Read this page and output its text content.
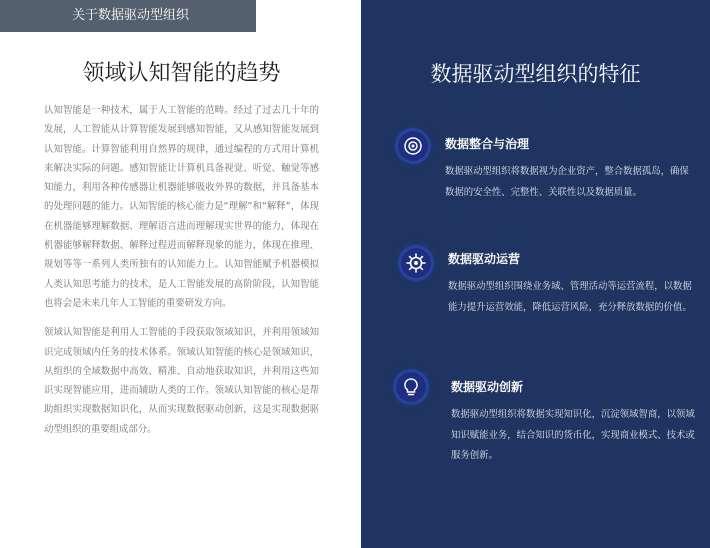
关于数据驱动型组织
领域认知智能的趋势

认知智能是一种技术，属于人工智能的范畴。经过了过去几十年的发展，人工智能从计算智能发展到感知智能，又从感知智能发展到认知智能。计算智能利用自然界的规律，通过编程的方式用计算机来解决实际的问题。感知智能让计算机具备视觉、听觉、触觉等感知能力，利用各种传感器让机器能够吸收外界的数据，并具备基本的处理问题的能力。认知智能的核心能力是“理解”和“解释”，体现在机器能够理解数据、理解语言进而理解现实世界的能力，体现在机器能够解释数据、解释过程进而解释现象的能力，体现在推理、规划等等一系列人类所独有的认知能力上。认知智能赋予机器模拟人类认知思考能力的技术，是人工智能发展的高阶阶段，认知智能也将会是未来几年人工智能的重要研发方向。

领域认知智能是利用人工智能的手段获取领域知识，并利用领域知识完成领域内任务的技术体系。领域认知智能的核心是领域知识，从组织的全域数据中高效、精准、自动地获取知识，并利用这些知识实现智能应用，进而辅助人类的工作。领域认知智能的核心是帮助组织实现数据知识化，从而实现数据驱动创新，这是实现数据驱动型组织的重要组成部分。

数据驱动型组织的特征
数据整合与治理

数据驱动型组织将数据视为企业资产，整合数据孤岛，确保数据的安全性、完整性、关联性以及数据质量。

数据驱动运营

数据驱动型组织围绕业务域、管理活动等运营流程，以数据能力提升运营效能，降低运营风险，充分释放数据的价值。

数据驱动创新

数据驱动型组织将数据实现知识化，沉淀领域智商，以领域知识赋能业务，结合知识的货币化，实现商业模式、技术或服务创新。
